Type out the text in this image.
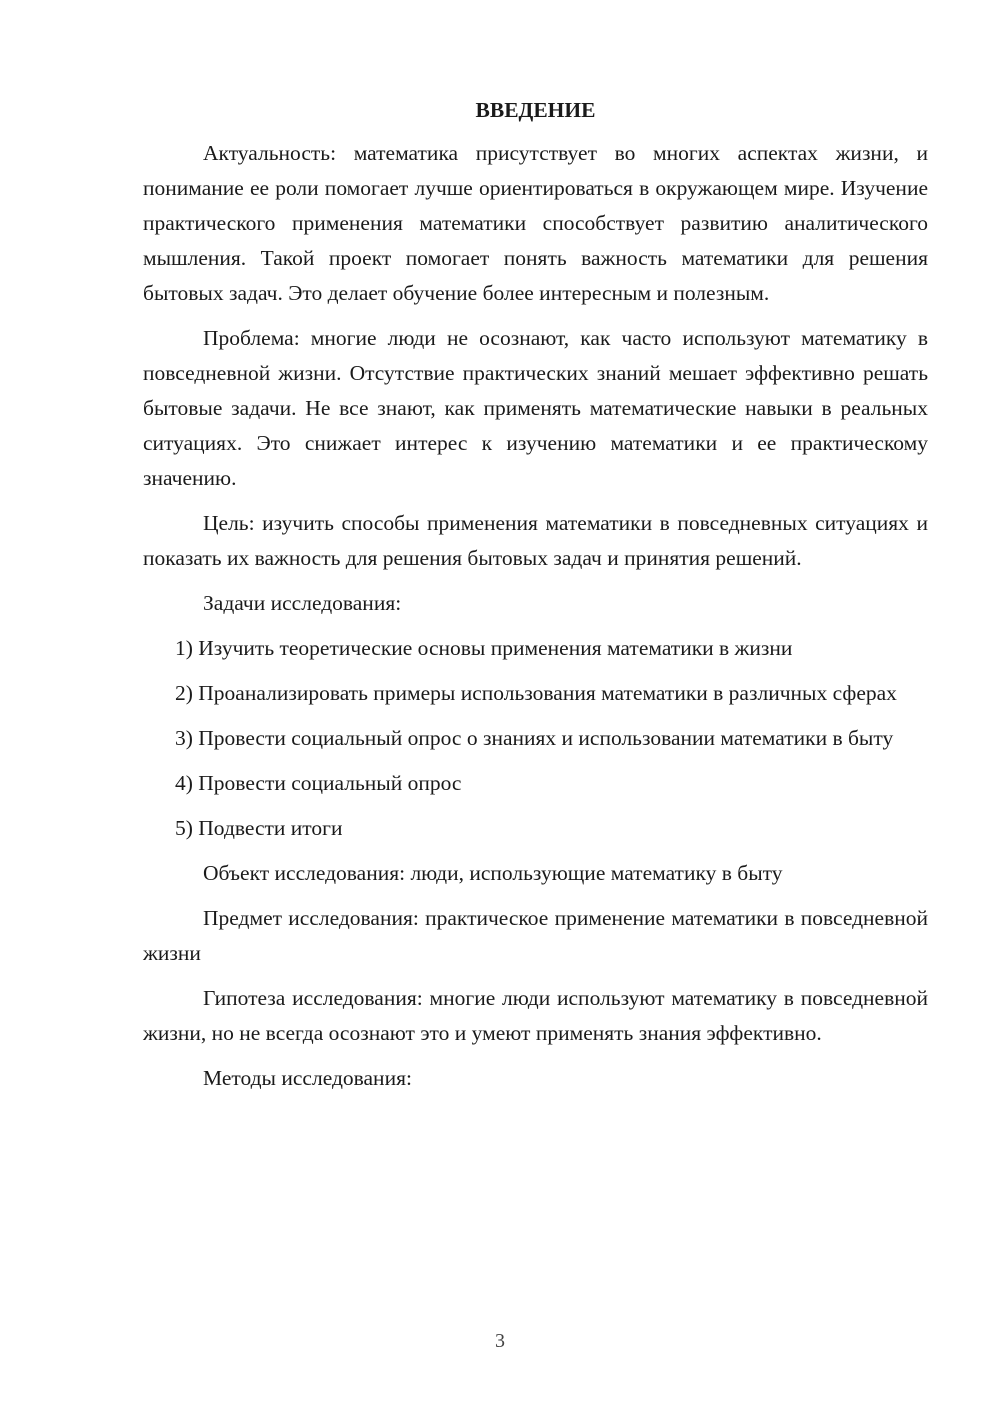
ВВЕДЕНИЕ

Актуальность: математика присутствует во многих аспектах жизни, и понимание ее роли помогает лучше ориентироваться в окружающем мире. Изучение практического применения математики способствует развитию аналитического мышления. Такой проект помогает понять важность математики для решения бытовых задач. Это делает обучение более интересным и полезным.

Проблема: многие люди не осознают, как часто используют математику в повседневной жизни. Отсутствие практических знаний мешает эффективно решать бытовые задачи. Не все знают, как применять математические навыки в реальных ситуациях. Это снижает интерес к изучению математики и ее практическому значению.

Цель: изучить способы применения математики в повседневных ситуациях и показать их важность для решения бытовых задач и принятия решений.

Задачи исследования:

1) Изучить теоретические основы применения математики в жизни

2) Проанализировать примеры использования математики в различных сферах

3) Провести социальный опрос о знаниях и использовании математики в быту

4) Провести социальный опрос

5) Подвести итоги

Объект исследования: люди, использующие математику в быту

Предмет исследования: практическое применение математики в повседневной жизни

Гипотеза исследования: многие люди используют математику в повседневной жизни, но не всегда осознают это и умеют применять знания эффективно.

Методы исследования:

3
